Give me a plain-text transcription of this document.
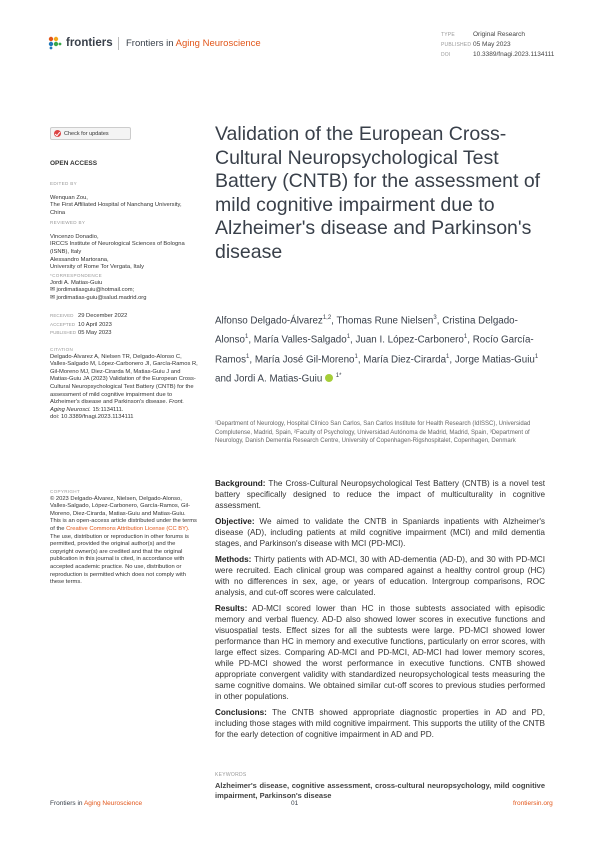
frontiers Frontiers in Aging Neuroscience
TYPE	Original Research
PUBLISHED 05 May 2023
DOI	10.3389/fnagi.2023.1134111
Check for updates
OPEN ACCESS

EDITED BY

Wenquan Zou,
The First Affiliated Hospital of Nanchang University, China

REVIEWED BY

Vincenzo Donadio,
IRCCS Institute of Neurological Sciences of Bologna (ISNB), Italy
Alessandro Martorana,
University of Rome Tor Vergata, Italy

*CORRESPONDENCE
Jordi A. Matias-Guiu
✉ jordimatiasguiu@hotmail.com;
✉ jordimatias-guiu@salud.madrid.org
RECEIVED 29 December 2022
ACCEPTED 10 April 2023
PUBLISHED 05 May 2023
CITATION
Delgado-Álvarez A, Nielsen TR, Delgado-Alonso C, Valles-Salgado M, López-Carbonero JI, García-Ramos R, Gil-Moreno MJ, Diez-Cirarda M, Matias-Guiu J and Matias-Guiu JA (2023) Validation of the European Cross-Cultural Neuropsychological Test Battery (CNTB) for the assessment of mild cognitive impairment due to Alzheimer's disease and Parkinson's disease. Front. Aging Neurosci. 15:1134111.
doi: 10.3389/fnagi.2023.1134111
COPYRIGHT
© 2023 Delgado-Álvarez, Nielsen, Delgado-Alonso, Valles-Salgado, López-Carbonero, García-Ramos, Gil-Moreno, Diez-Cirarda, Matias-Guiu and Matias-Guiu. This is an open-access article distributed under the terms of the Creative Commons Attribution License (CC BY). The use, distribution or reproduction in other forums is permitted, provided the original author(s) and the copyright owner(s) are credited and that the original publication in this journal is cited, in accordance with accepted academic practice. No use, distribution or reproduction is permitted which does not comply with these terms.
Validation of the European Cross-Cultural Neuropsychological Test Battery (CNTB) for the assessment of mild cognitive impairment due to Alzheimer's disease and Parkinson's disease
Alfonso Delgado-Álvarez$^{1,2}$, Thomas Rune Nielsen$^3$, Cristina Delgado-Alonso$^1$, María Valles-Salgado$^1$, Juan I. López-Carbonero$^1$, Rocío García-Ramos$^1$, María José Gil-Moreno$^1$, María Diez-Cirarda$^1$, Jorge Matias-Guiu$^1$ and Jordi A. Matias-Guiu $^{1*}$
¹Department of Neurology, Hospital Clínico San Carlos, San Carlos Institute for Health Research (IdISSC), Universidad Complutense, Madrid, Spain, ²Faculty of Psychology, Universidad Autónoma de Madrid, Madrid, Spain, ³Department of Neurology, Danish Dementia Research Centre, University of Copenhagen-Rigshospitalet, Copenhagen, Denmark

Background: The Cross-Cultural Neuropsychological Test Battery (CNTB) is a novel test battery specifically designed to reduce the impact of multiculturality in cognitive assessment.

Objective: We aimed to validate the CNTB in Spaniards inpatients with Alzheimer's disease (AD), including patients at mild cognitive impairment (MCI) and mild dementia stages, and Parkinson's disease with MCI (PD-MCI).

Methods: Thirty patients with AD-MCI, 30 with AD-dementia (AD-D), and 30 with PD-MCI were recruited. Each clinical group was compared against a healthy control group (HC) with no differences in sex, age, or years of education. Intergroup comparisons, ROC analysis, and cut-off scores were calculated.

Results: AD-MCI scored lower than HC in those subtests associated with episodic memory and verbal fluency. AD-D also showed lower scores in executive functions and visuospatial tests. Effect sizes for all the subtests were large. PD-MCI showed lower performance than HC in memory and executive functions, particularly on error scores, with large effect sizes. Comparing AD-MCI and PD-MCI, AD-MCI had lower memory scores, while PD-MCI showed the worst performance in executive functions. CNTB showed appropriate convergent validity with standardized neuropsychological tests measuring the same cognitive domains. We obtained similar cut-off scores to previous studies performed in other populations.

Conclusions: The CNTB showed appropriate diagnostic properties in AD and PD, including those stages with mild cognitive impairment. This supports the utility of the CNTB for the early detection of cognitive impairment in AD and PD.

KEYWORDS
Alzheimer's disease, cognitive assessment, cross-cultural neuropsychology, mild cognitive impairment, Parkinson's disease
Frontiers in Aging Neuroscience	01	frontiersin.org
